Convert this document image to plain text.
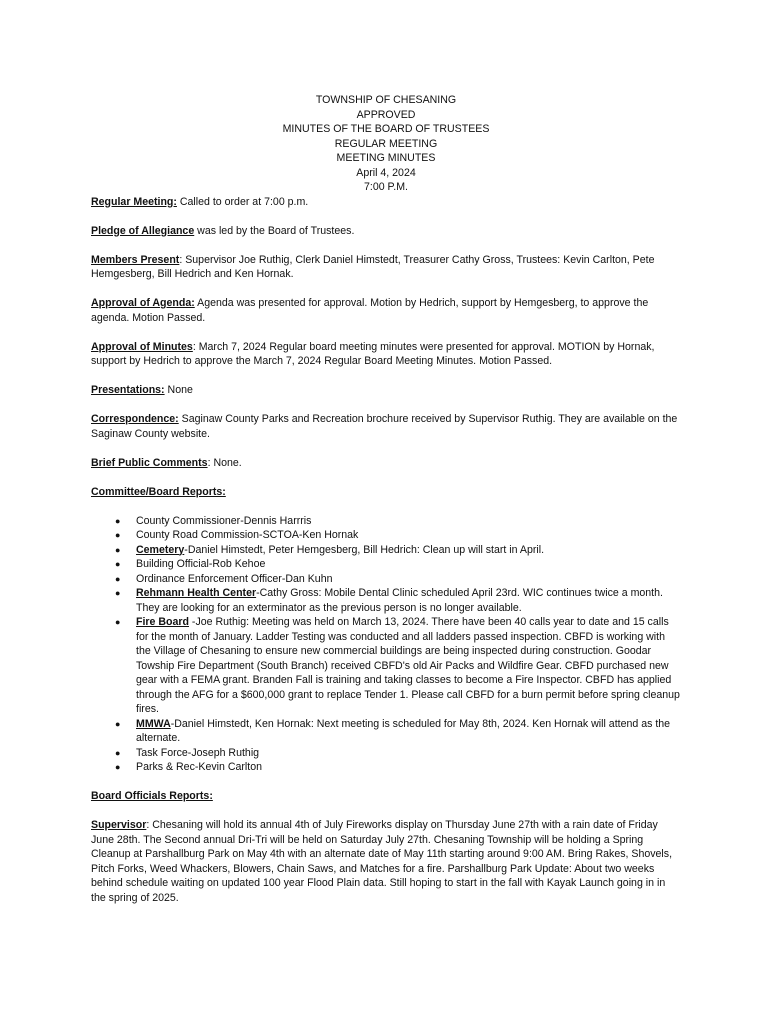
TOWNSHIP OF CHESANING
APPROVED
MINUTES OF THE BOARD OF TRUSTEES
REGULAR MEETING
MEETING MINUTES
April 4, 2024
7:00 P.M.

Regular Meeting: Called to order at 7:00 p.m.

Pledge of Allegiance was led by the Board of Trustees.

Members Present: Supervisor Joe Ruthig, Clerk Daniel Himstedt, Treasurer Cathy Gross, Trustees: Kevin Carlton, Pete Hemgesberg, Bill Hedrich and Ken Hornak.

Approval of Agenda: Agenda was presented for approval. Motion by Hedrich, support by Hemgesberg, to approve the agenda. Motion Passed.

Approval of Minutes: March 7, 2024 Regular board meeting minutes were presented for approval. MOTION by Hornak, support by Hedrich to approve the March 7, 2024 Regular Board Meeting Minutes. Motion Passed.

Presentations: None

Correspondence: Saginaw County Parks and Recreation brochure received by Supervisor Ruthig. They are available on the Saginaw County website.

Brief Public Comments: None.

Committee/Board Reports:
● County Commissioner-Dennis Harrris
● County Road Commission-SCTOA-Ken Hornak
● Cemetery-Daniel Himstedt, Peter Hemgesberg, Bill Hedrich: Clean up will start in April.
● Building Official-Rob Kehoe
● Ordinance Enforcement Officer-Dan Kuhn
● Rehmann Health Center-Cathy Gross: Mobile Dental Clinic scheduled April 23rd. WIC continues twice a month. They are looking for an exterminator as the previous person is no longer available.
● Fire Board -Joe Ruthig: Meeting was held on March 13, 2024. There have been 40 calls year to date and 15 calls for the month of January. Ladder Testing was conducted and all ladders passed inspection. CBFD is working with the Village of Chesaning to ensure new commercial buildings are being inspected during construction. Goodar Towship Fire Department (South Branch) received CBFD's old Air Packs and Wildfire Gear. CBFD purchased new gear with a FEMA grant. Branden Fall is training and taking classes to become a Fire Inspector. CBFD has applied through the AFG for a $600,000 grant to replace Tender 1. Please call CBFD for a burn permit before spring cleanup fires.
● MMWA-Daniel Himstedt, Ken Hornak: Next meeting is scheduled for May 8th, 2024. Ken Hornak will attend as the alternate.
● Task Force-Joseph Ruthig
● Parks & Rec-Kevin Carlton
Board Officials Reports:

Supervisor: Chesaning will hold its annual 4th of July Fireworks display on Thursday June 27th with a rain date of Friday June 28th. The Second annual Dri-Tri will be held on Saturday July 27th. Chesaning Township will be holding a Spring Cleanup at Parshallburg Park on May 4th with an alternate date of May 11th starting around 9:00 AM. Bring Rakes, Shovels, Pitch Forks, Weed Whackers, Blowers, Chain Saws, and Matches for a fire. Parshallburg Park Update: About two weeks behind schedule waiting on updated 100 year Flood Plain data. Still hoping to start in the fall with Kayak Launch going in in the spring of 2025.
